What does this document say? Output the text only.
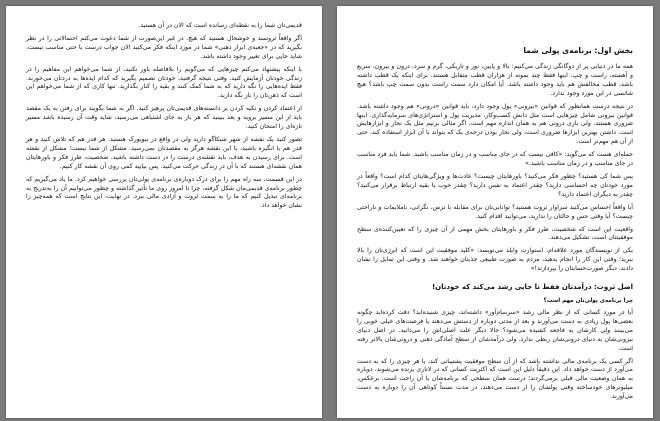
قدیمی‌تان شما را به نقطه‌ای رسانده است که الان در آن هستید.

اگر واقعاً ثروتمند و خوشحال هستید که هیچ. در غیر این‌صورت از شما دعوت می‌کنم احتمالاتی را در نظر بگیرید که در «جعبه‌ی ابزار ذهنی» شما در مورد اینکه فکر می‌کنید الان جواب درست یا حتی مناسب نیست، شاید جایی برای تغییر وجود داشته باشد.

با اینکه پیشنهاد می‌کنم چیزهایی که می‌گویم را بلافاصله باور نکنید، از شما می‌خواهم این مفاهیم را در زندگی خودتان آزمایش کنید. وقتی نتیجه گرفتید، خودتان تصمیم بگیرید که کدام ایده‌ها به دردتان می‌خورند. فقط ایده‌هایی را نگه دارید که به شما کمک کنند و بقیه را کنار بگذارید. تنها کاری که از شما می‌خواهم این است که ذهن‌تان را باز نگه دارید.

از اعتماد کردن و تکیه کردن بر دانسته‌های قدیمی‌تان پرهیز کنید. اگر به شما بگویند برای رفتن به یک مقصد باید از این مسیر بروید و بعد ببینید که هر بار به جای اشتباهی می‌رسید، شاید وقت آن رسیده باشد مسیر تازه‌ای را امتحان کنید.

تصور کنید یک نقشه از شهر شیکاگو دارید ولی در واقع در نیویورک هستید. هر قدر هم که تلاش کنید و هر قدر هم با انگیزه باشید، با این نقشه هرگز به مقصدتان نمی‌رسید. مشکل از شما نیست؛ مشکل از نقشه است. برای رسیدن به هدف، باید نقشه‌ی درست را در دست داشته باشید. شخصیت، طرز فکر و باورهایتان همان نقشه‌ای هستند که با آن در زندگی حرکت می‌کنید. پس بیایید کمی روی آن نقشه کار کنیم.

در این قسمت، سه راه مهم را برای درک دوباره‌ی برنامه‌ی پولی‌تان بررسی خواهیم کرد. ما یاد می‌گیریم که چطور برنامه‌ی قدیمی‌مان شکل گرفته، چرا تا امروز روی ما تأثیر گذاشته و چطور می‌توانیم آن را به‌تدریج به برنامه‌ای تبدیل کنیم که ما را به سمت ثروت و آزادی مالی ببرد. در نهایت، این نتایج است که همه‌چیز را نشان خواهد داد.

بخش اول: برنامه‌ی پولی شما

همه ما در دنیایی پر از دوگانگی زندگی می‌کنیم: بالا و پایین، نور و تاریکی، گرم و سرد، درون و بیرون، سریع و آهسته، راست و چپ. اینها فقط چند نمونه از هزاران قطب متقابل هستند. برای اینکه یک قطب داشته باشد، قطب مخالفش هم باید وجود داشته باشد. آیا امکان دارد سمت راست بدون سمت چپ باشد؟ هیچ شانسی در این مورد وجود ندارد.

در نتیجه درست همانطور که قوانین «بیرونی» پول وجود دارد، باید قوانین «درونی» هم وجود داشته باشد. قوانین بیرونی شامل چیزهایی است مثل دانش کسب‌وکار، مدیریت پول و استراتژی‌های سرمایه‌گذاری. اینها ضروری هستند. ولی بازی درونی هم به همان اندازه مهم است. اگر مثالی بزنیم مثل یک نجار و ابزارهایش است. داشتن بهترین ابزارها ضروری است، ولی نجار بودن درجه‌ی یک که بتواند با آن ابزار استفاده کند، حتی از آن هم مهم‌تر است.

جمله‌ای هست که می‌گوید: «کافی نیست که در جای مناسب و در زمان مناسب باشید. شما باید فرد مناسب در جای مناسب و در زمان مناسب باشید.»

پس شما کی هستید؟ چطور فکر می‌کنید؟ باورهایتان چیست؟ عادت‌ها و ویژگی‌هایتان کدام است؟ واقعاً در مورد خودتان چه احساسی دارید؟ چقدر اعتماد به نفس دارید؟ چقدر خوب با بقیه ارتباط برقرار می‌کنید؟ چقدر به دیگران اعتماد دارید؟

آیا واقعاً احساس می‌کنید سزاوار ثروت هستید؟ توانایی‌تان برای مقابله با ترس، نگرانی، ناملایمات و ناراحتی چیست؟ آیا وقتی حس و حالتان را ندارید، می‌توانید اقدام کنید.

واقعیت این است که شخصیت، طرز فکر و باورهایتان بخش مهمی از آن چیزی را که تعیین‌کننده‌ی سطح موفقیتتان است، تشکیل می‌دهند.

یکی از نویسندگان مورد علاقه‌ام، استوارت وایلد می‌نویسد: «کلید موفقیت این است که انرژی‌تان را بالا ببرید؛ وقتی این کار را انجام بدهید، مردم به صورت طبیعی جذبتان خواهند شد. و وقتی این تمایل را نشان دادند، دیگر صورت‌حسابتان را بپردازند!»

اصل ثروت: درآمدتان فقط تا جایی رشد می‌کند که خودتان!
چرا برنامه‌ی پولی‌تان مهم است؟

آیا در مورد کسانی که از نظر مالی رشد «سرسام‌آور» داشته‌اند، چیزی شنیده‌اید؟ دقت کرده‌اید چگونه بعضی‌ها پول زیادی به دست می‌آورند و بعد از مدتی دوباره از دستش می‌دهند یا فرصت‌های خیلی خوبی را می‌بینند ولی کارشان به فاجعه کشیده می‌شود؟ حالا دیگر علت اصلی‌اش را می‌دانید. در اصل دنیای بیرونی‌شان به دنیای درونی‌شان ربطی ندارد. ولی درآمدشان از سطح آمادگی ذهنی و درونی‌شان بالاتر رفته است.

اگر کسی یک برنامه‌ی مالی نداشته باشد که از آن سطح موفقیت پشتیبانی کند، یا هر چیزی را که به دست می‌آورد از دست خواهد داد. این دقیقاً دلیل این است که اکثریت کسانی که در لاتاری برنده می‌شوند، دوباره به همان وضعیت مالی قبلی برمی‌گردند؛ درست همان سطحی که برنامه‌شان با آن راحت است. برعکس، میلیونرهای خودساخته وقتی پولشان را از دست می‌دهند، در مدت نسبتاً کوتاهی آن را دوباره به دست می‌آورند.
